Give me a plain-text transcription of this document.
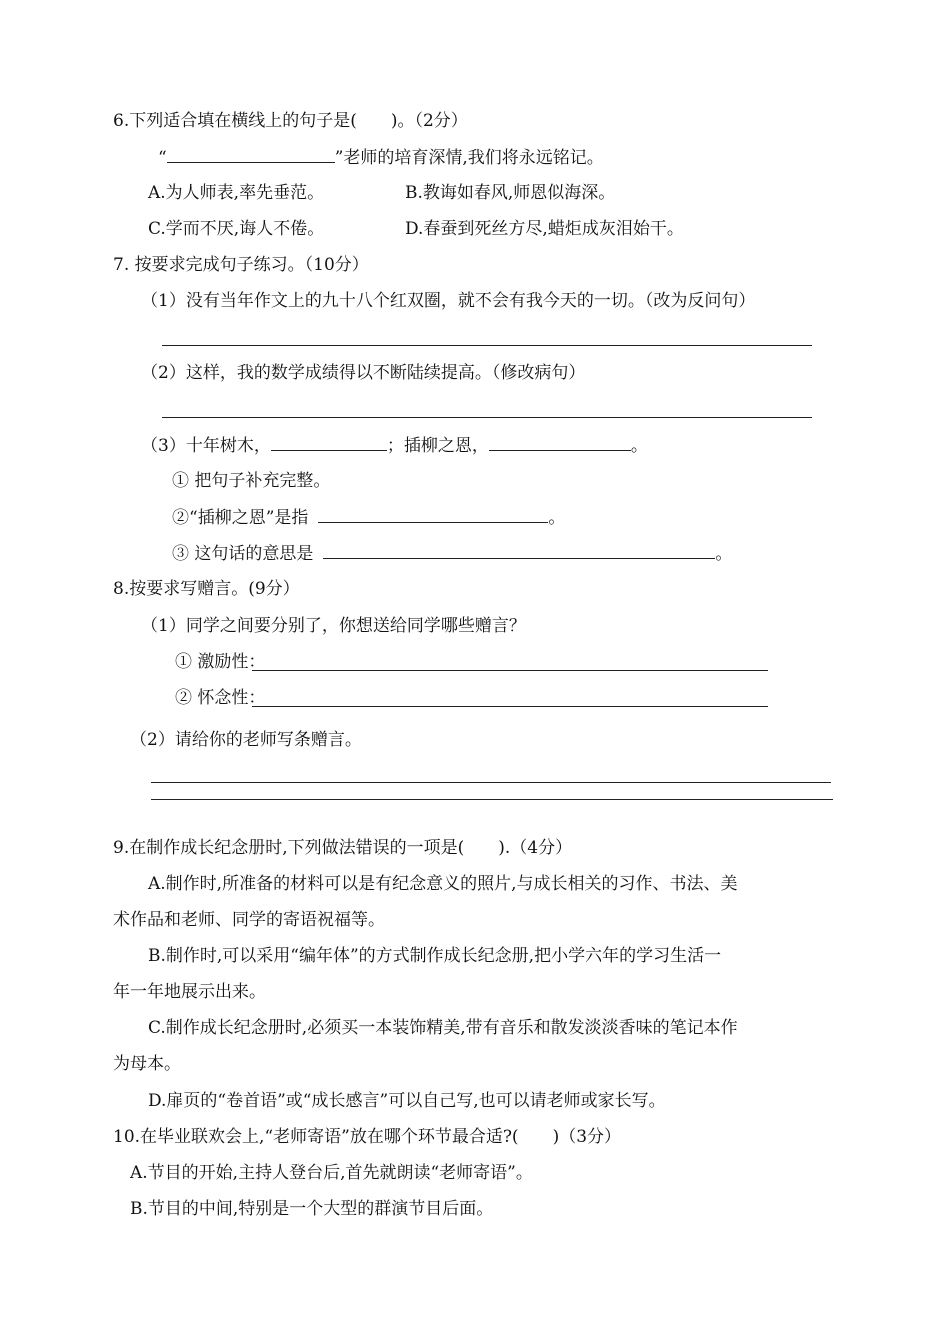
6.下列适合填在横线上的句子是(　　)。（2分）
“	”老师的培育深情,我们将永远铭记。
A.为人师表,率先垂范。	B.教诲如春风,师恩似海深。
C.学而不厌,诲人不倦。	D.春蚕到死丝方尽,蜡炬成灰泪始干。
7. 按要求完成句子练习。（10分）
（1）没有当年作文上的九十八个红双圈，就不会有我今天的一切。（改为反问句）
（2）这样，我的数学成绩得以不断陆续提高。（修改病句）
（3）十年树木，	；插柳之恩，	。
① 把句子补充完整。
②“插柳之恩”是指	。
③ 这句话的意思是	。
8.按要求写赠言。(9分）
（1）同学之间要分别了，你想送给同学哪些赠言？
① 激励性：
② 怀念性：
（2）请给你的老师写条赠言。
9.在制作成长纪念册时,下列做法错误的一项是(　　).（4分）
A.制作时,所准备的材料可以是有纪念意义的照片,与成长相关的习作、书法、美
术作品和老师、同学的寄语祝福等。
B.制作时,可以采用“编年体”的方式制作成长纪念册,把小学六年的学习生活一
年一年地展示出来。
C.制作成长纪念册时,必须买一本装饰精美,带有音乐和散发淡淡香味的笔记本作
为母本。
D.扉页的“卷首语”或“成长感言”可以自己写,也可以请老师或家长写。
10.在毕业联欢会上,“老师寄语”放在哪个环节最合适?(　　)（3分）
A.节目的开始,主持人登台后,首先就朗读“老师寄语”。
B.节目的中间,特别是一个大型的群演节目后面。
